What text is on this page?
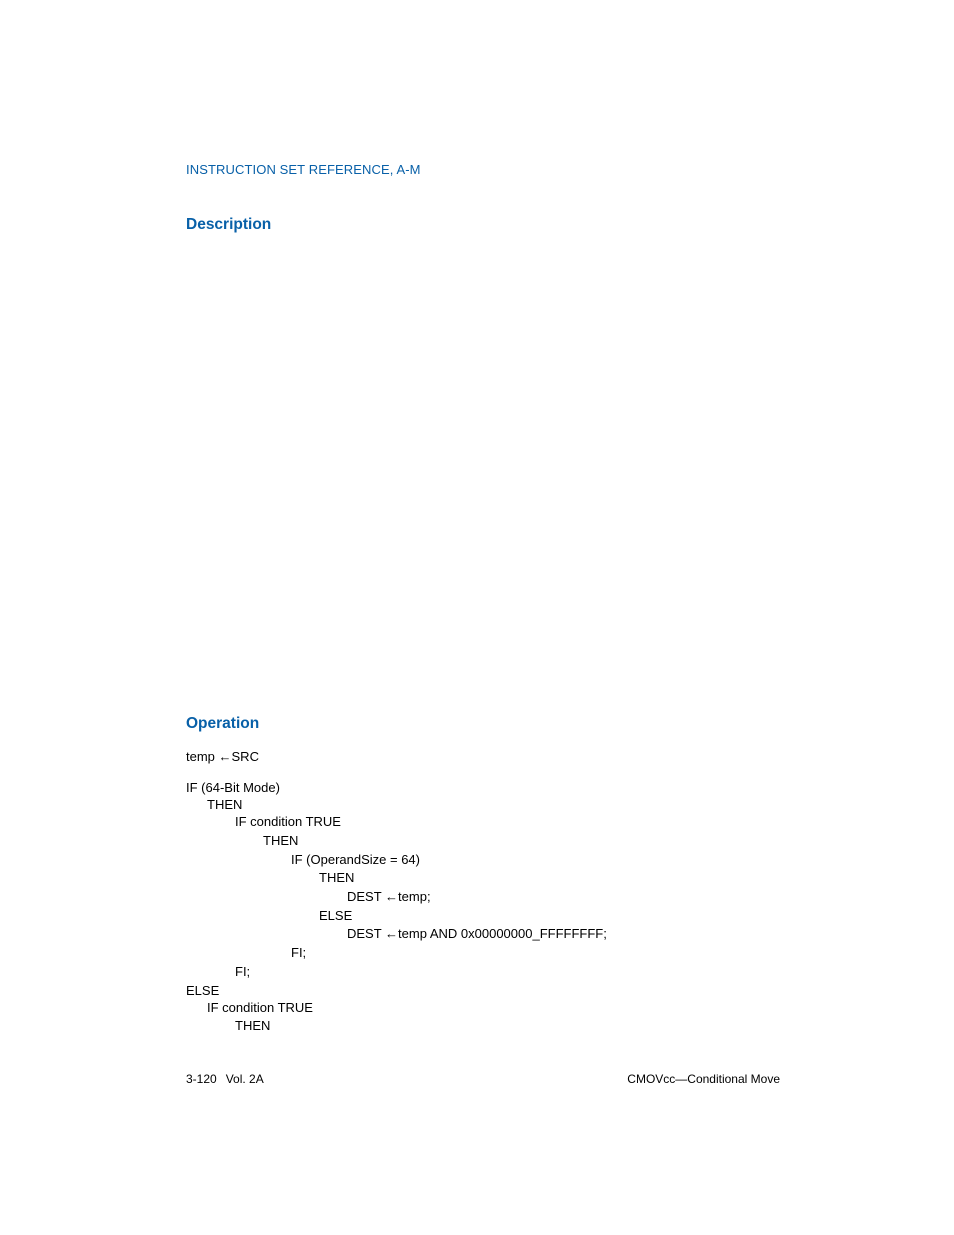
INSTRUCTION SET REFERENCE, A-M
Description
Operation
temp ←SRC
IF (64-Bit Mode)
THEN
IF condition TRUE
THEN
IF (OperandSize = 64)
THEN
DEST ←temp;
ELSE
DEST ←temp AND 0x00000000_FFFFFFFF;
FI;
FI;
ELSE
IF condition TRUE
THEN
3-120 Vol. 2A	CMOVcc—Conditional Move
